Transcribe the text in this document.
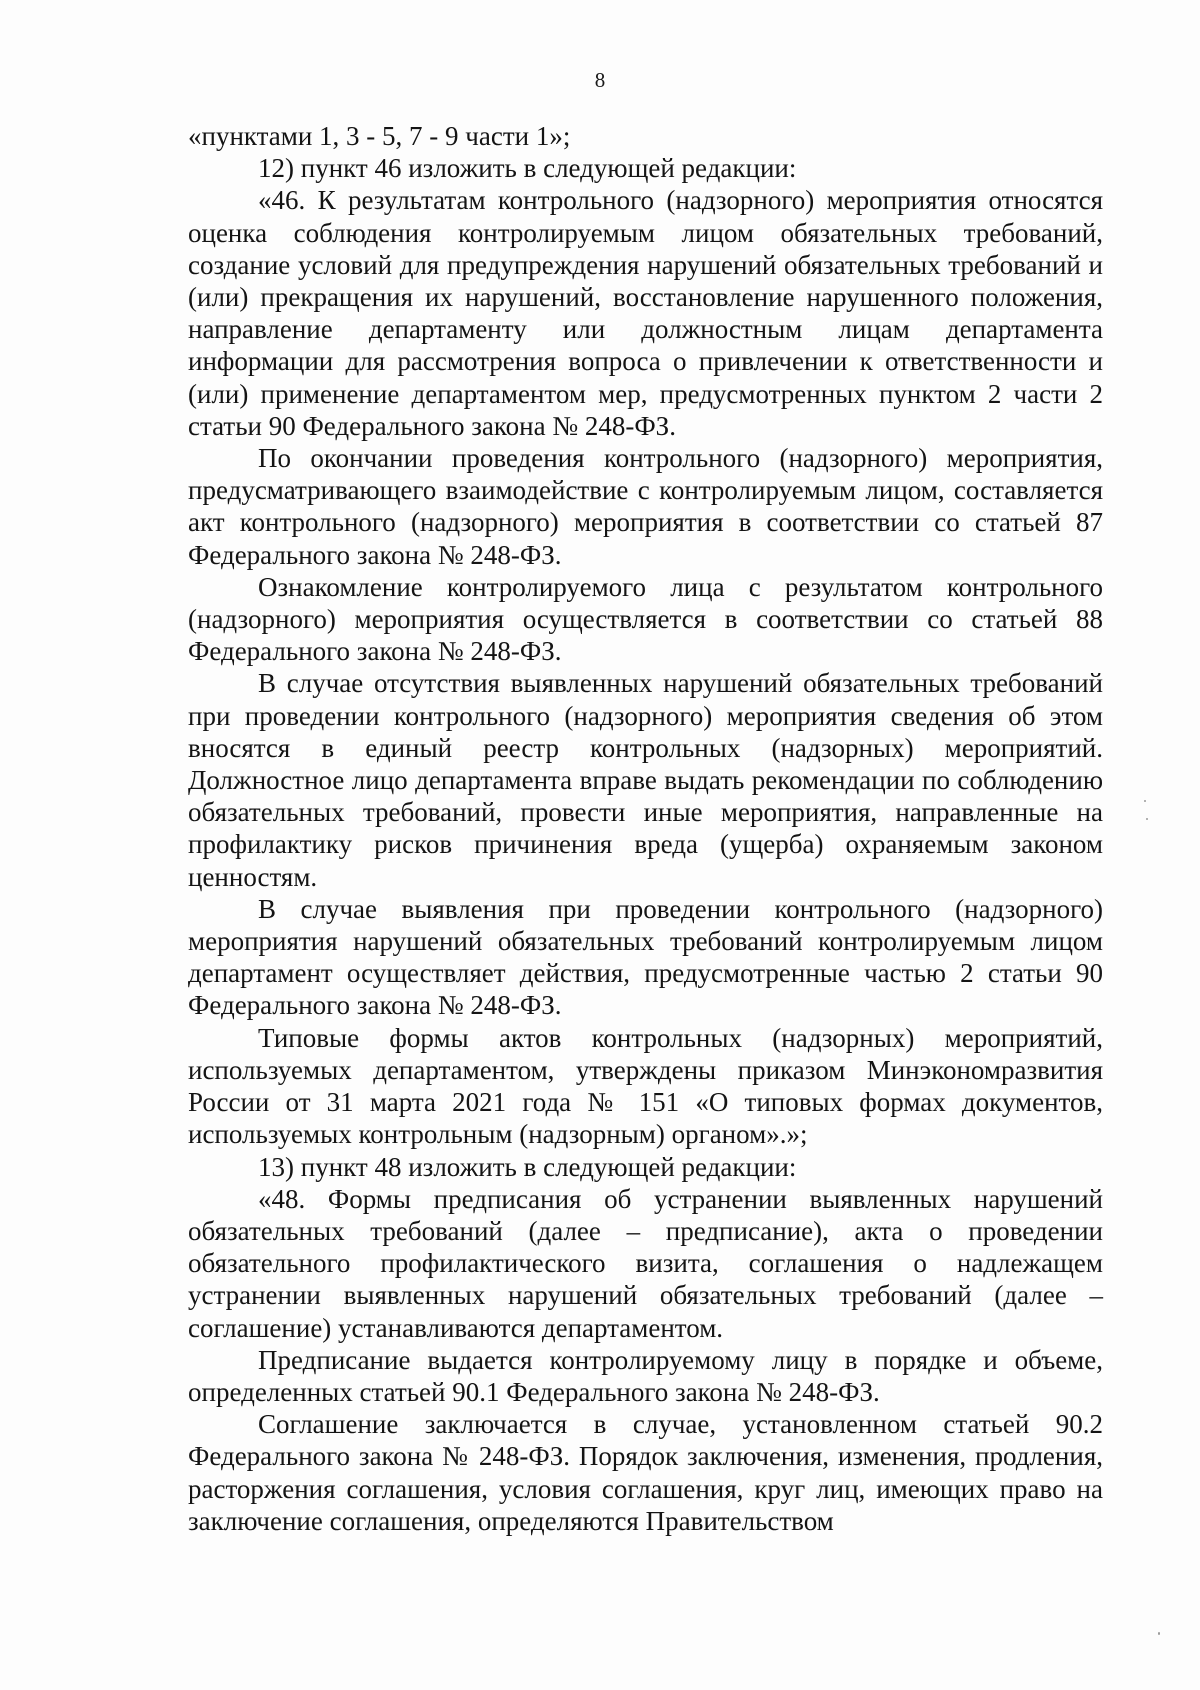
8

«пунктами 1, 3 - 5, 7 - 9 части 1»;

12) пункт 46 изложить в следующей редакции:

«46. К результатам контрольного (надзорного) мероприятия относятся оценка соблюдения контролируемым лицом обязательных требований, создание условий для предупреждения нарушений обязательных требований и (или) прекращения их нарушений, восстановление нарушенного положения, направление департаменту или должностным лицам департамента информации для рассмотрения вопроса о привлечении к ответственности и (или) применение департаментом мер, предусмотренных пунктом 2 части 2 статьи 90 Федерального закона № 248-ФЗ.

По окончании проведения контрольного (надзорного) мероприятия, предусматривающего взаимодействие с контролируемым лицом, составляется акт контрольного (надзорного) мероприятия в соответствии со статьей 87 Федерального закона № 248-ФЗ.

Ознакомление контролируемого лица с результатом контрольного (надзорного) мероприятия осуществляется в соответствии со статьей 88 Федерального закона № 248-ФЗ.

В случае отсутствия выявленных нарушений обязательных требований при проведении контрольного (надзорного) мероприятия сведения об этом вносятся в единый реестр контрольных (надзорных) мероприятий. Должностное лицо департамента вправе выдать рекомендации по соблюдению обязательных требований, провести иные мероприятия, направленные на профилактику рисков причинения вреда (ущерба) охраняемым законом ценностям.

В случае выявления при проведении контрольного (надзорного) мероприятия нарушений обязательных требований контролируемым лицом департамент осуществляет действия, предусмотренные частью 2 статьи 90 Федерального закона № 248-ФЗ.

Типовые формы актов контрольных (надзорных) мероприятий, используемых департаментом, утверждены приказом Минэкономразвития России от 31 марта 2021 года № 151 «О типовых формах документов, используемых контрольным (надзорным) органом».»;

13) пункт 48 изложить в следующей редакции:

«48. Формы предписания об устранении выявленных нарушений обязательных требований (далее – предписание), акта о проведении обязательного профилактического визита, соглашения о надлежащем устранении выявленных нарушений обязательных требований (далее – соглашение) устанавливаются департаментом.

Предписание выдается контролируемому лицу в порядке и объеме, определенных статьей 90.1 Федерального закона № 248-ФЗ.

Соглашение заключается в случае, установленном статьей 90.2 Федерального закона № 248-ФЗ. Порядок заключения, изменения, продления, расторжения соглашения, условия соглашения, круг лиц, имеющих право на заключение соглашения, определяются Правительством
